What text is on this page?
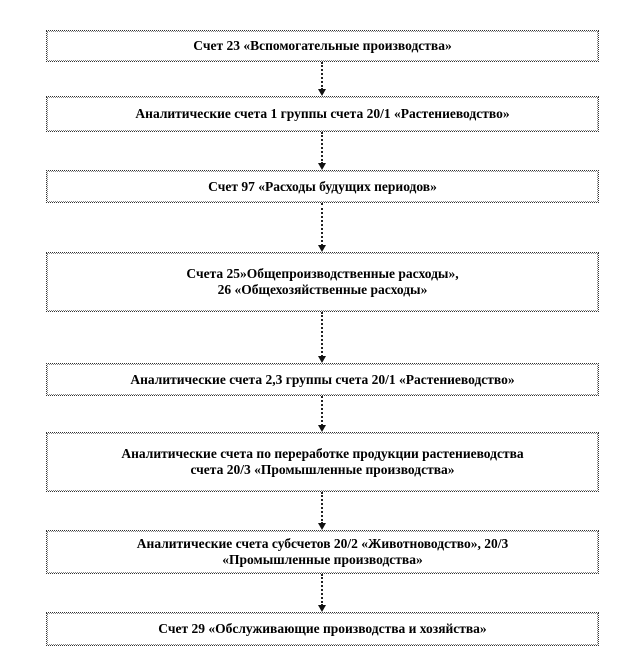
Счет 23 «Вспомогательные производства»
Аналитические счета 1 группы счета 20/1 «Растениеводство»
Счет 97 «Расходы будущих периодов»
Счета 25»Общепроизводственные расходы»,
26 «Общехозяйственные расходы»
Аналитические счета 2,3 группы счета 20/1 «Растениеводство»
Аналитические счета по переработке продукции растениеводства
счета 20/3 «Промышленные производства»
Аналитические счета субсчетов 20/2 «Животноводство», 20/3
«Промышленные производства»
Счет 29 «Обслуживающие производства и хозяйства»
